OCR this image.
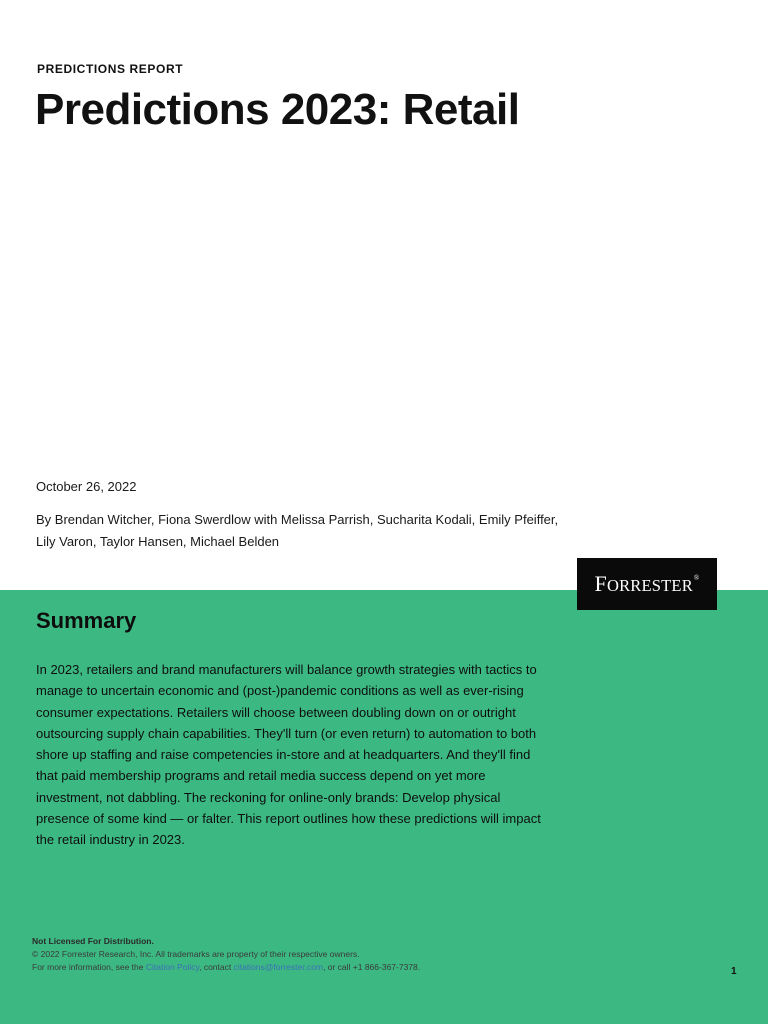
PREDICTIONS REPORT
Predictions 2023: Retail
October 26, 2022
By Brendan Witcher, Fiona Swerdlow with Melissa Parrish, Sucharita Kodali, Emily Pfeiffer, Lily Varon, Taylor Hansen, Michael Belden
FORRESTER®
Summary

In 2023, retailers and brand manufacturers will balance growth strategies with tactics to manage to uncertain economic and (post-)pandemic conditions as well as ever-rising consumer expectations. Retailers will choose between doubling down on or outright outsourcing supply chain capabilities. They'll turn (or even return) to automation to both shore up staffing and raise competencies in-store and at headquarters. And they'll find that paid membership programs and retail media success depend on yet more investment, not dabbling. The reckoning for online-only brands: Develop physical presence of some kind — or falter. This report outlines how these predictions will impact the retail industry in 2023.

Not Licensed For Distribution.
© 2022 Forrester Research, Inc. All trademarks are property of their respective owners.
For more information, see the Citation Policy, contact citations@forrester.com, or call +1 866-367-7378.	1
